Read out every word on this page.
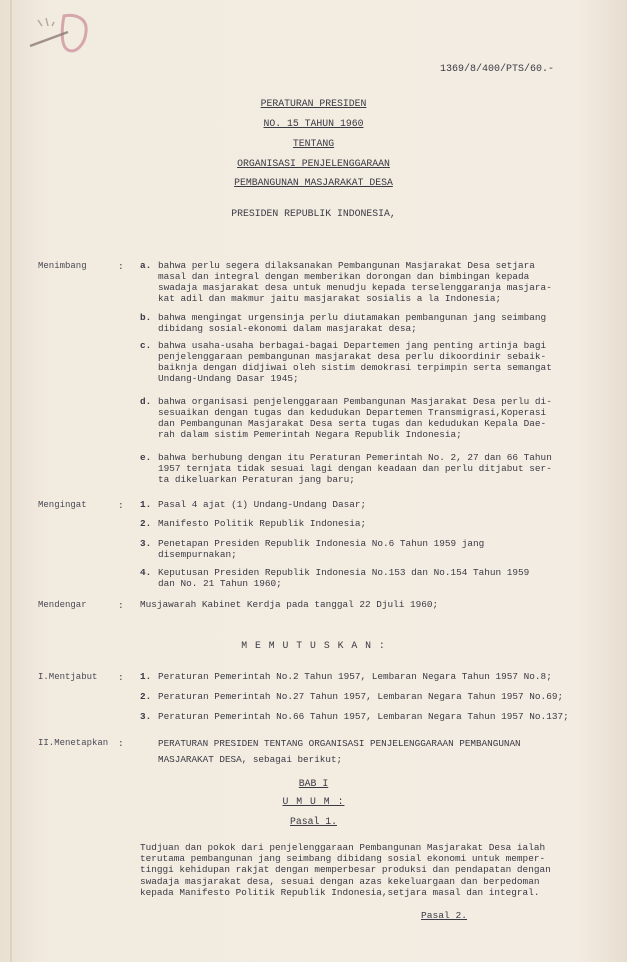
1369/8/400/PTS/60.-
PERATURAN PRESIDEN
NO. 15 TAHUN 1960
TENTANG
ORGANISASI PENJELENGGARAAN
PEMBANGUNAN MASJARAKAT DESA
PRESIDEN REPUBLIK INDONESIA,
Menimbang	: a. bahwa perlu segera dilaksanakan Pembangunan Masjarakat Desa setjara
masal dan integral dengan memberikan dorongan dan bimbingan kepada
swadaja masjarakat desa untuk menudju kepada terselenggaranja masjara-
kat adil dan makmur jaitu masjarakat sosialis a la Indonesia;
b. bahwa mengingat urgensinja perlu diutamakan pembangunan jang seimbang
dibidang sosial-ekonomi dalam masjarakat desa;
c. bahwa usaha-usaha berbagai-bagai Departemen jang penting artinja bagi
penjelenggaraan pembangunan masjarakat desa perlu dikoordinir sebaik-
baiknja dengan didjiwai oleh sistim demokrasi terpimpin serta semangat
Undang-Undang Dasar 1945;
d. bahwa organisasi penjelenggaraan Pembangunan Masjarakat Desa perlu di-
sesuaikan dengan tugas dan kedudukan Departemen Transmigrasi,Koperasi
dan Pembangunan Masjarakat Desa serta tugas dan kedudukan Kepala Dae-
rah dalam sistim Pemerintah Negara Republik Indonesia;
e. bahwa berhubung dengan itu Peraturan Pemerintah No. 2, 27 dan 66 Tahun
1957 ternjata tidak sesuai lagi dengan keadaan dan perlu ditjabut ser-
ta dikeluarkan Peraturan jang baru;
Mengingat	: 1. Pasal 4 ajat (1) Undang-Undang Dasar;
2. Manifesto Politik Republik Indonesia;
3. Penetapan Presiden Republik Indonesia No.6 Tahun 1959 jang
disempurnakan;
4. Keputusan Presiden Republik Indonesia No.153 dan No.154 Tahun 1959
dan No. 21 Tahun 1960;
Mendengar	: Musjawarah Kabinet Kerdja pada tanggal 22 Djuli 1960;
M E M U T U S K A N :
I.Mentjabut : 1. Peraturan Pemerintah No.2 Tahun 1957, Lembaran Negara Tahun 1957 No.8;
2. Peraturan Pemerintah No.27 Tahun 1957, Lembaran Negara Tahun 1957 No.69;
3. Peraturan Pemerintah No.66 Tahun 1957, Lembaran Negara Tahun 1957 No.137;
II.Menetapkan :	PERATURAN PRESIDEN TENTANG ORGANISASI PENJELENGGARAAN PEMBANGUNAN
MASJARAKAT DESA, sebagai berikut;
BAB I
U M U M :
Pasal 1.
Tudjuan dan pokok dari penjelenggaraan Pembangunan Masjarakat Desa ialah
terutama pembangunan jang seimbang dibidang sosial ekonomi untuk memper-
tinggi kehidupan rakjat dengan memperbesar produksi dan pendapatan dengan
swadaja masjarakat desa, sesuai dengan azas kekeluargaan dan berpedoman
kepada Manifesto Politik Republik Indonesia,setjara masal dan integral.
Pasal 2.
